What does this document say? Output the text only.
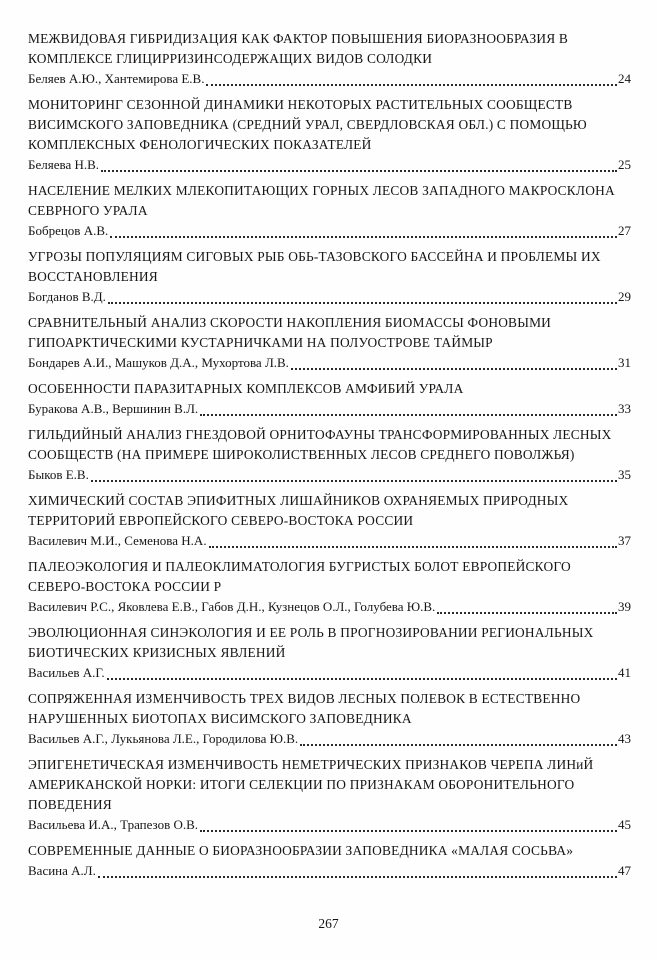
МЕЖВИДОВАЯ ГИБРИДИЗАЦИЯ КАК ФАКТОР ПОВЫШЕНИЯ БИОРАЗНООБРАЗИЯ В КОМПЛЕКСЕ ГЛИЦИРРИЗИНСОДЕРЖАЩИХ ВИДОВ СОЛОДКИ
Беляев А.Ю., Хантемирова Е.В.	24
МОНИТОРИНГ СЕЗОННОЙ ДИНАМИКИ НЕКОТОРЫХ РАСТИТЕЛЬНЫХ СООБЩЕСТВ ВИСИМСКОГО ЗАПОВЕДНИКА (СРЕДНИЙ УРАЛ, СВЕРДЛОВСКАЯ ОБЛ.) С ПОМОЩЬЮ КОМПЛЕКСНЫХ ФЕНОЛОГИЧЕСКИХ ПОКАЗАТЕЛЕЙ
Беляева Н.В.	25
НАСЕЛЕНИЕ МЕЛКИХ МЛЕКОПИТАЮЩИХ ГОРНЫХ ЛЕСОВ ЗАПАДНОГО МАКРОСКЛОНА СЕВРНОГО УРАЛА
Бобрецов А.В.	27
УГРОЗЫ ПОПУЛЯЦИЯМ СИГОВЫХ РЫБ ОБЬ-ТАЗОВСКОГО БАССЕЙНА И ПРОБЛЕМЫ ИХ ВОССТАНОВЛЕНИЯ
Богданов В.Д.	29
СРАВНИТЕЛЬНЫЙ АНАЛИЗ СКОРОСТИ НАКОПЛЕНИЯ БИОМАССЫ ФОНОВЫМИ ГИПОАРКТИЧЕСКИМИ КУСТАРНИЧКАМИ НА ПОЛУОСТРОВЕ ТАЙМЫР
Бондарев А.И., Машуков Д.А., Мухортова Л.В.	31
ОСОБЕННОСТИ ПАРАЗИТАРНЫХ КОМПЛЕКСОВ АМФИБИЙ УРАЛА
Буракова А.В., Вершинин В.Л.	33
ГИЛЬДИЙНЫЙ АНАЛИЗ ГНЕЗДОВОЙ ОРНИТОФАУНЫ ТРАНСФОРМИРОВАННЫХ ЛЕСНЫХ СООБЩЕСТВ (НА ПРИМЕРЕ ШИРОКОЛИСТВЕННЫХ ЛЕСОВ СРЕДНЕГО ПОВОЛЖЬЯ)
Быков Е.В.	35
ХИМИЧЕСКИЙ СОСТАВ ЭПИФИТНЫХ ЛИШАЙНИКОВ ОХРАНЯЕМЫХ ПРИРОДНЫХ ТЕРРИТОРИЙ ЕВРОПЕЙСКОГО СЕВЕРО-ВОСТОКА РОССИИ
Василевич М.И., Семенова Н.А.	37
ПАЛЕОЭКОЛОГИЯ И ПАЛЕОКЛИМАТОЛОГИЯ БУГРИСТЫХ БОЛОТ ЕВРОПЕЙСКОГО СЕВЕРО-ВОСТОКА РОССИИ Р
Василевич Р.С., Яковлева Е.В., Габов Д.Н., Кузнецов О.Л., Голубева Ю.В.	39
ЭВОЛЮЦИОННАЯ СИНЭКОЛОГИЯ И ЕЕ РОЛЬ В ПРОГНОЗИРОВАНИИ РЕГИОНАЛЬНЫХ БИОТИЧЕСКИХ КРИЗИСНЫХ ЯВЛЕНИЙ
Васильев А.Г.	41
СОПРЯЖЕННАЯ ИЗМЕНЧИВОСТЬ ТРЕХ ВИДОВ ЛЕСНЫХ ПОЛЕВОК В ЕСТЕСТВЕННО НАРУШЕННЫХ БИОТОПАХ ВИСИМСКОГО ЗАПОВЕДНИКА
Васильев А.Г., Лукьянова Л.Е., Городилова Ю.В.	43
ЭПИГЕНЕТИЧЕСКАЯ ИЗМЕНЧИВОСТЬ НЕМЕТРИЧЕСКИХ ПРИЗНАКОВ ЧЕРЕПА ЛИНиЙ АМЕРИКАНСКОЙ НОРКИ: ИТОГИ СЕЛЕКЦИИ ПО ПРИЗНАКАМ ОБОРОНИТЕЛЬНОГО ПОВЕДЕНИЯ
Васильева И.А., Трапезов О.В.	45
СОВРЕМЕННЫЕ ДАННЫЕ О БИОРАЗНООБРАЗИИ ЗАПОВЕДНИКА «МАЛАЯ СОСЬВА»
Васина А.Л.	47
267
